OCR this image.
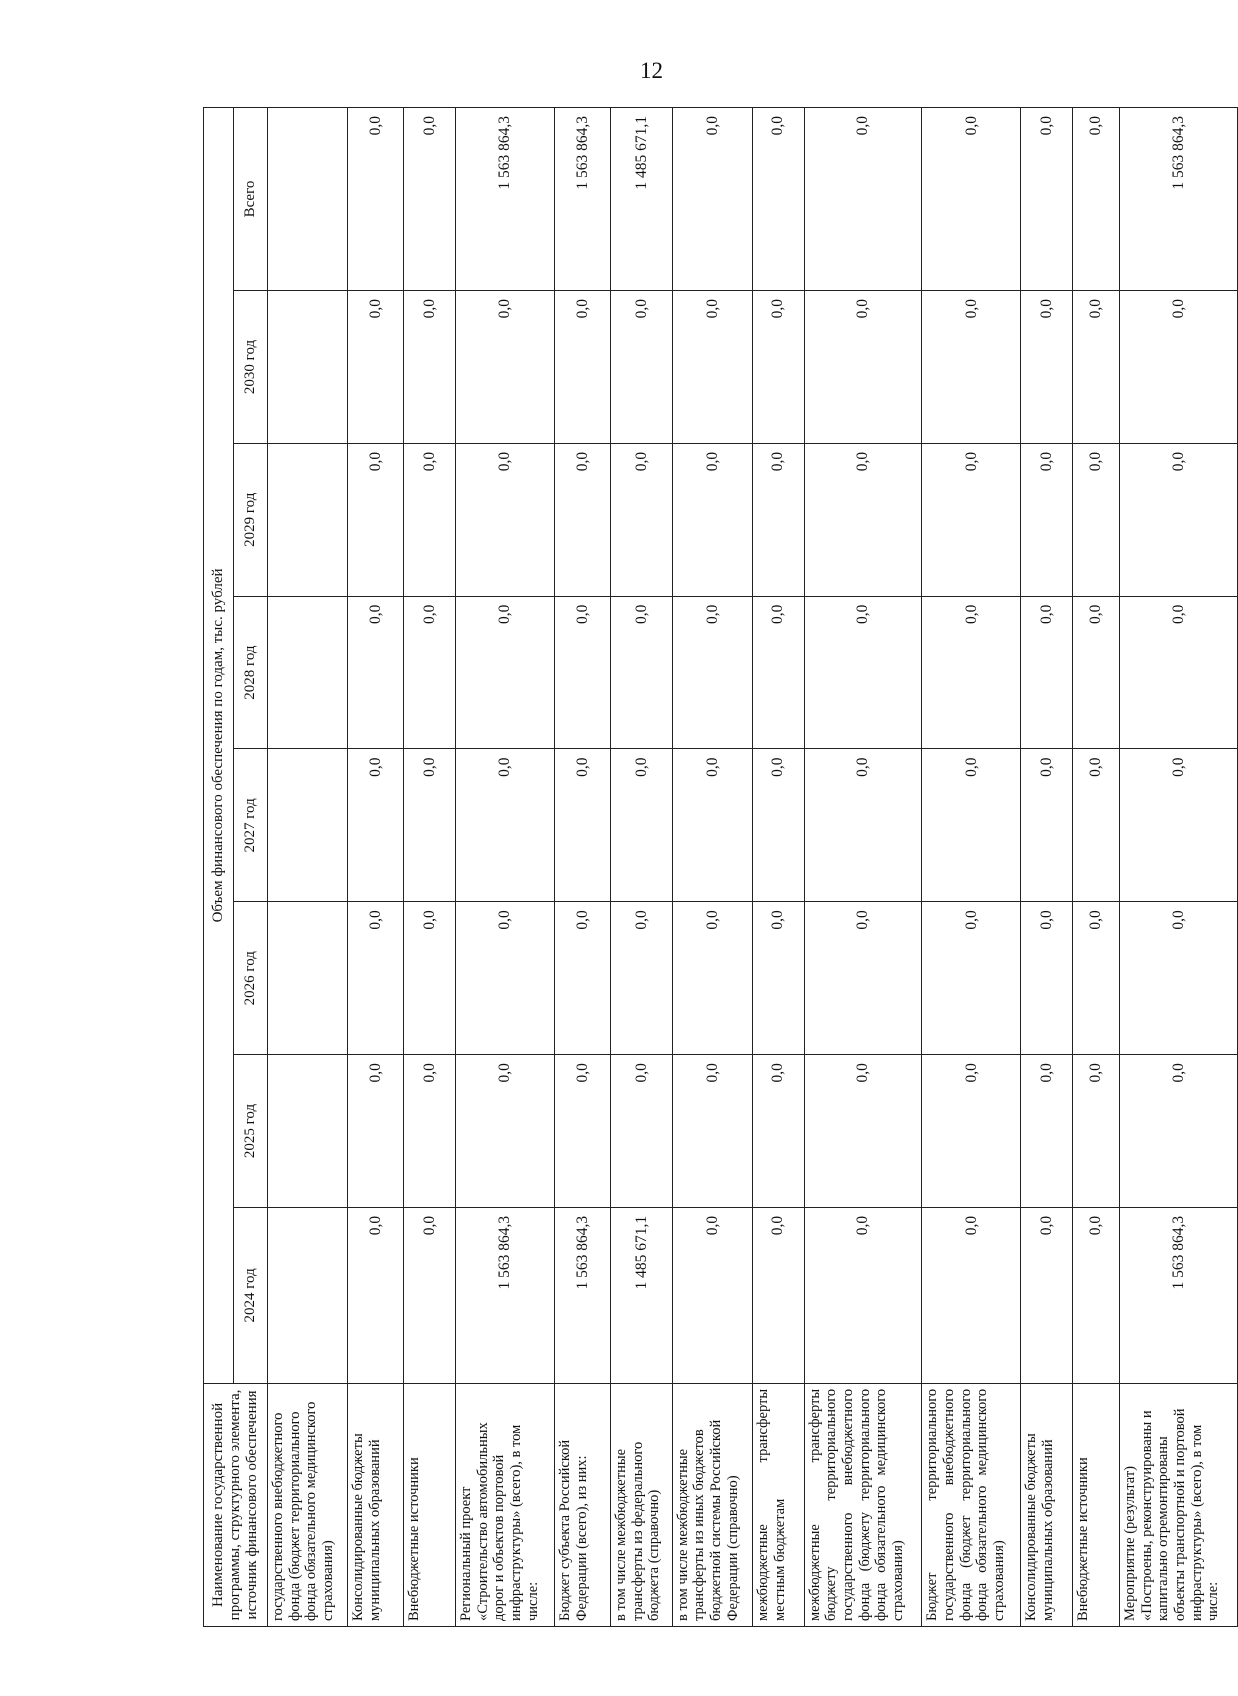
12
Наименование государственной программы, структурного элемента, источник финансового обеспечения	Объем финансового обеспечения по годам, тыс. рублей							
	2024 год	2025 год	2026 год	2027 год	2028 год	2029 год	2030 год	Всего
государственного внебюджетного фонда (бюджет территориального фонда обязательного медицинского страхования)								
Консолидированные бюджеты муниципальных образований	0,0	0,0	0,0	0,0	0,0	0,0	0,0	0,0
Внебюджетные источники	0,0	0,0	0,0	0,0	0,0	0,0	0,0	0,0
Региональный проект «Строительство автомобильных дорог и объектов портовой инфраструктуры» (всего), в том числе:	1 563 864,3	0,0	0,0	0,0	0,0	0,0	0,0	1 563 864,3
Бюджет субъекта Российской Федерации (всего), из них:	1 563 864,3	0,0	0,0	0,0	0,0	0,0	0,0	1 563 864,3
в том числе межбюджетные трансферты из федерального бюджета (справочно)	1 485 671,1	0,0	0,0	0,0	0,0	0,0	0,0	1 485 671,1
в том числе межбюджетные трансферты из иных бюджетов бюджетной системы Российской Федерации (справочно)	0,0	0,0	0,0	0,0	0,0	0,0	0,0	0,0
межбюджетные трансферты местным бюджетам	0,0	0,0	0,0	0,0	0,0	0,0	0,0	0,0
межбюджетные трансферты бюджету территориального государственного внебюджетного фонда (бюджету территориального фонда обязательного медицинского страхования)	0,0	0,0	0,0	0,0	0,0	0,0	0,0	0,0
Бюджет территориального государственного внебюджетного фонда (бюджет территориального фонда обязательного медицинского страхования)	0,0	0,0	0,0	0,0	0,0	0,0	0,0	0,0
Консолидированные бюджеты муниципальных образований	0,0	0,0	0,0	0,0	0,0	0,0	0,0	0,0
Внебюджетные источники	0,0	0,0	0,0	0,0	0,0	0,0	0,0	0,0
Мероприятие (результат) «Построены, реконструированы и капитально отремонтированы объекты транспортной и портовой инфраструктуры» (всего), в том числе:	1 563 864,3	0,0	0,0	0,0	0,0	0,0	0,0	1 563 864,3
